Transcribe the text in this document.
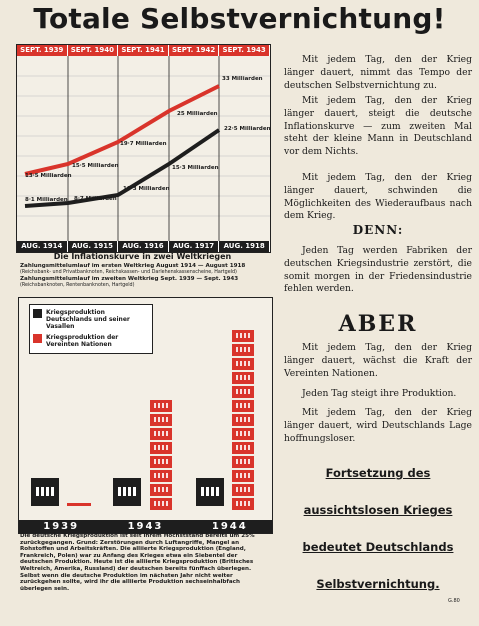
Totale Selbstvernichtung!
SEPT. 1939	SEPT. 1940	SEPT. 1941	SEPT. 1942	SEPT. 1943
13·5 Milliarden
15·5 Milliarden
19·7 Milliarden
25 Milliarden
33 Milliarden
8·1 Milliarden 8·7 Milliarden
10·3 Milliarden
15·3 Milliarden
22·5 Milliarden
AUG. 1914	AUG. 1915	AUG. 1916	AUG. 1917	AUG. 1918
Die Inflationskurve in zwei Weltkriegen
Zahlungsmittelumlauf im ersten Weltkrieg August 1914 — August 1918
(Reichsbank- und Privatbanknoten, Reichskassen- und Darlehenskassenscheine, Hartgeld)
Zahlungsmittelumlauf im zweiten Weltkrieg Sept. 1939 — Sept. 1943
(Reichsbanknoten, Rentenbanknoten, Hartgeld)
Kriegsproduktion Deutschlands und seiner Vasallen
Kriegsproduktion der Vereinten Nationen
1939	1943	1944
Die deutsche Kriegsproduktion ist seit ihrem Höchststand bereits um 25% zurückgegangen. Grund: Zerstörungen durch Luftangriffe, Mangel an Rohstoffen und Arbeitskräften. Die alliierte Kriegsproduktion (England, Frankreich, Polen) war zu Anfang des Krieges etwa ein Siebentel der deutschen Produktion. Heute ist die alliierte Kriegsproduktion (Britisches Weltreich, Amerika, Russland) der deutschen bereits fünffach überlegen. Selbst wenn die deutsche Produktion im nächsten Jahr nicht weiter zurückgehen sollte, wird ihr die alliierte Produktion sechseinhalbfach überlegen sein.

Mit jedem Tag, den der Krieg länger dauert, nimmt das Tempo der deutschen Selbstvernichtung zu.

Mit jedem Tag, den der Krieg länger dauert, steigt die deutsche Inflationskurve — zum zweiten Mal steht der kleine Mann in Deutschland vor dem Nichts.

Mit jedem Tag, den der Krieg länger dauert, schwinden die Möglichkeiten des Wiederaufbaus nach dem Krieg.

DENN:

Jeden Tag werden Fabriken der deutschen Kriegsindustrie zerstört, die somit morgen in der Friedensindustrie fehlen werden.

ABER

Mit jedem Tag, den der Krieg länger dauert, wächst die Kraft der Vereinten Nationen.

Jeden Tag steigt ihre Produktion.

Mit jedem Tag, den der Krieg länger dauert, wird Deutschlands Lage hoffnungsloser.

Fortsetzung des
aussichtslosen Krieges
bedeutet Deutschlands
Selbstvernichtung.
G.80
